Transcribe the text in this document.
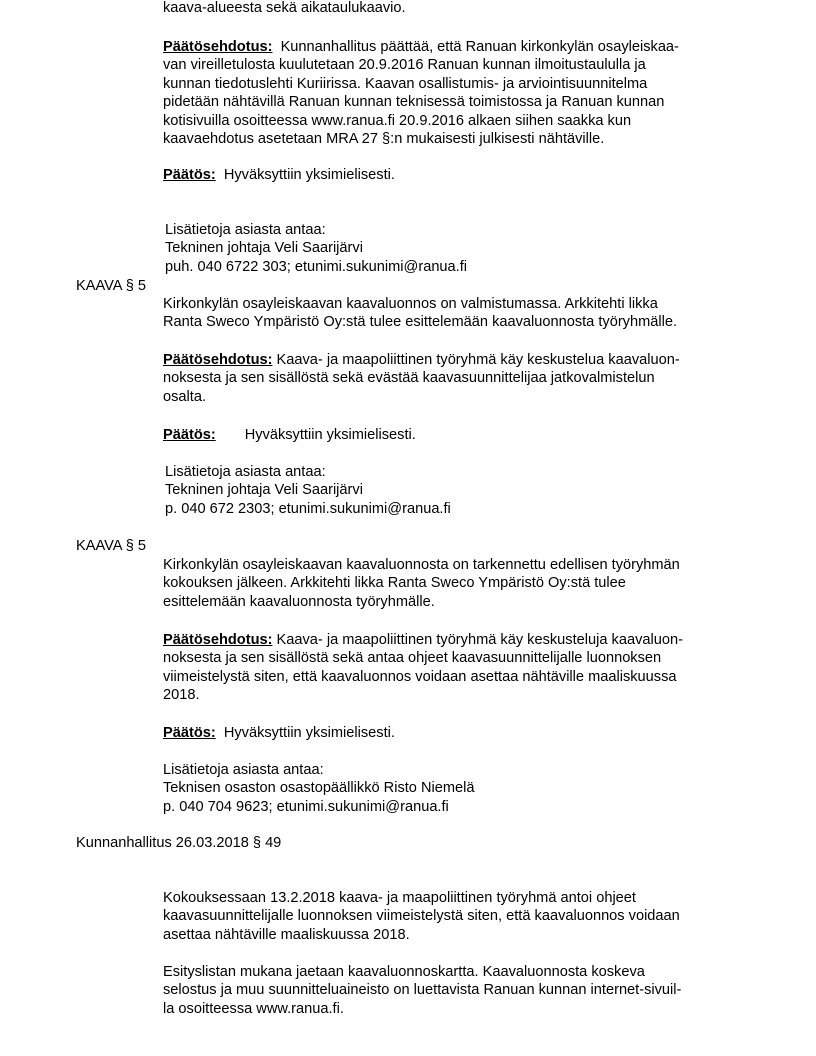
kaava-alueesta sekä aikataulukaavio.
Päätösehdotus: Kunnanhallitus päättää, että Ranuan kirkonkylän osayleiskaa-
van vireilletulosta kuulutetaan 20.9.2016 Ranuan kunnan ilmoitustaululla ja
kunnan tiedotuslehti Kuriirissa. Kaavan osallistumis- ja arviointisuunnitelma
pidetään nähtävillä Ranuan kunnan teknisessä toimistossa ja Ranuan kunnan
kotisivuilla osoitteessa www.ranua.fi 20.9.2016 alkaen siihen saakka kun
kaavaehdotus asetetaan MRA 27 §:n mukaisesti julkisesti nähtäville.
Päätös: Hyväksyttiin yksimielisesti.
Lisätietoja asiasta antaa:
Tekninen johtaja Veli Saarijärvi
puh. 040 6722 303; etunimi.sukunimi@ranua.fi
KAAVA § 5
Kirkonkylän osayleiskaavan kaavaluonnos on valmistumassa. Arkkitehti likka
Ranta Sweco Ympäristö Oy:stä tulee esittelemään kaavaluonnosta työryhmälle.
Päätösehdotus: Kaava- ja maapoliittinen työryhmä käy keskustelua kaavaluon-
noksesta ja sen sisällöstä sekä evästää kaavasuunnittelijaa jatkovalmistelun
osalta.
Päätös: Hyväksyttiin yksimielisesti.
Lisätietoja asiasta antaa:
Tekninen johtaja Veli Saarijärvi
p. 040 672 2303; etunimi.sukunimi@ranua.fi
KAAVA § 5
Kirkonkylän osayleiskaavan kaavaluonnosta on tarkennettu edellisen työryhmän
kokouksen jälkeen. Arkkitehti likka Ranta Sweco Ympäristö Oy:stä tulee
esittelemään kaavaluonnosta työryhmälle.
Päätösehdotus: Kaava- ja maapoliittinen työryhmä käy keskusteluja kaavaluon-
noksesta ja sen sisällöstä sekä antaa ohjeet kaavasuunnittelijalle luonnoksen
viimeistelystä siten, että kaavaluonnos voidaan asettaa nähtäville maaliskuussa
2018.
Päätös: Hyväksyttiin yksimielisesti.
Lisätietoja asiasta antaa:
Teknisen osaston osastopäällikkö Risto Niemelä
p. 040 704 9623; etunimi.sukunimi@ranua.fi
Kunnanhallitus 26.03.2018 § 49
Kokouksessaan 13.2.2018 kaava- ja maapoliittinen työryhmä antoi ohjeet
kaavasuunnittelijalle luonnoksen viimeistelystä siten, että kaavaluonnos voidaan
asettaa nähtäville maaliskuussa 2018.
Esityslistan mukana jaetaan kaavaluonnoskartta. Kaavaluonnosta koskeva
selostus ja muu suunnitteluaineisto on luettavista Ranuan kunnan internet-sivuil-
la osoitteessa www.ranua.fi.
